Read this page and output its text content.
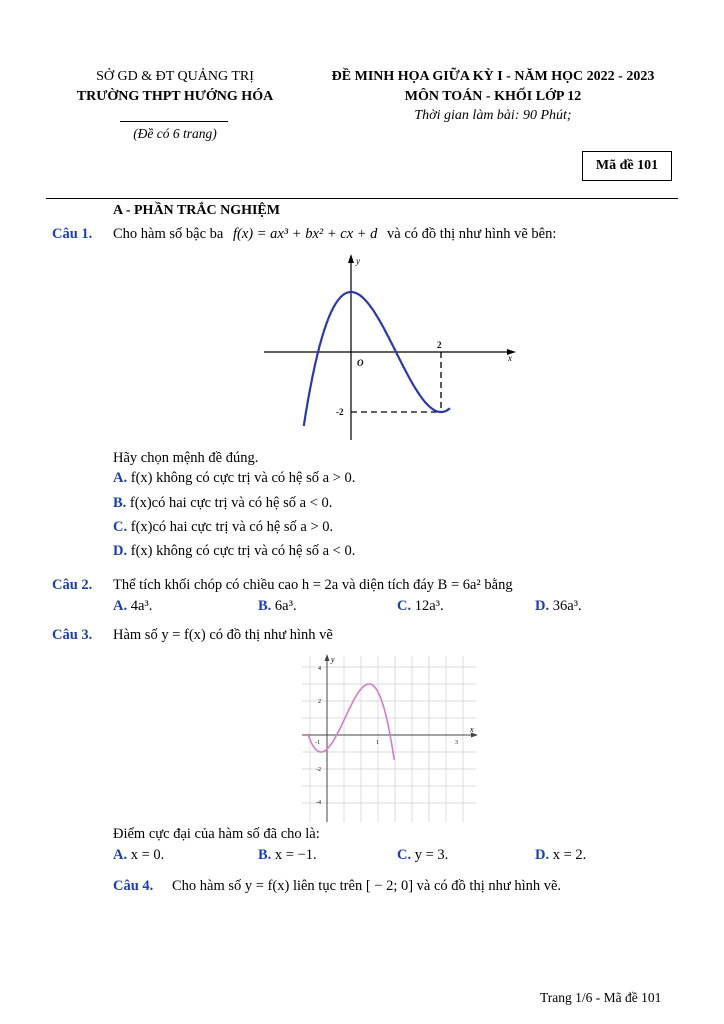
SỞ GD & ĐT QUẢNG TRỊ
TRƯỜNG THPT HƯỚNG HÓA
(Đề có 6 trang)
ĐỀ MINH HỌA GIỮA KỲ I - NĂM HỌC 2022 - 2023
MÔN TOÁN - KHỐI LỚP 12
Thời gian làm bài: 90 Phút;
Mã đề 101
A - PHẦN TRẮC NGHIỆM
Câu 1. Cho hàm số bậc ba f(x) = ax³ + bx² + cx + d và có đồ thị như hình vẽ bên:
y
x
O
2
-2
Hãy chọn mệnh đề đúng.
A. f(x) không có cực trị và có hệ số a > 0.
B. f(x)có hai cực trị và có hệ số a < 0.
C. f(x)có hai cực trị và có hệ số a > 0.
D. f(x) không có cực trị và có hệ số a < 0.
Câu 2. Thể tích khối chóp có chiều cao h = 2a và diện tích đáy B = 6a² bằng
A. 4a³.	B. 6a³.	C. 12a³.	D. 36a³.
Câu 3. Hàm số y = f(x) có đồ thị như hình vẽ
y
x
4
2
-2
-4
-1	1	3
Điểm cực đại của hàm số đã cho là:
A. x = 0.	B. x = −1.	C. y = 3.	D. x = 2.
Câu 4. Cho hàm số y = f(x) liên tục trên [ − 2; 0] và có đồ thị như hình vẽ.
Trang 1/6 - Mã đề 101
